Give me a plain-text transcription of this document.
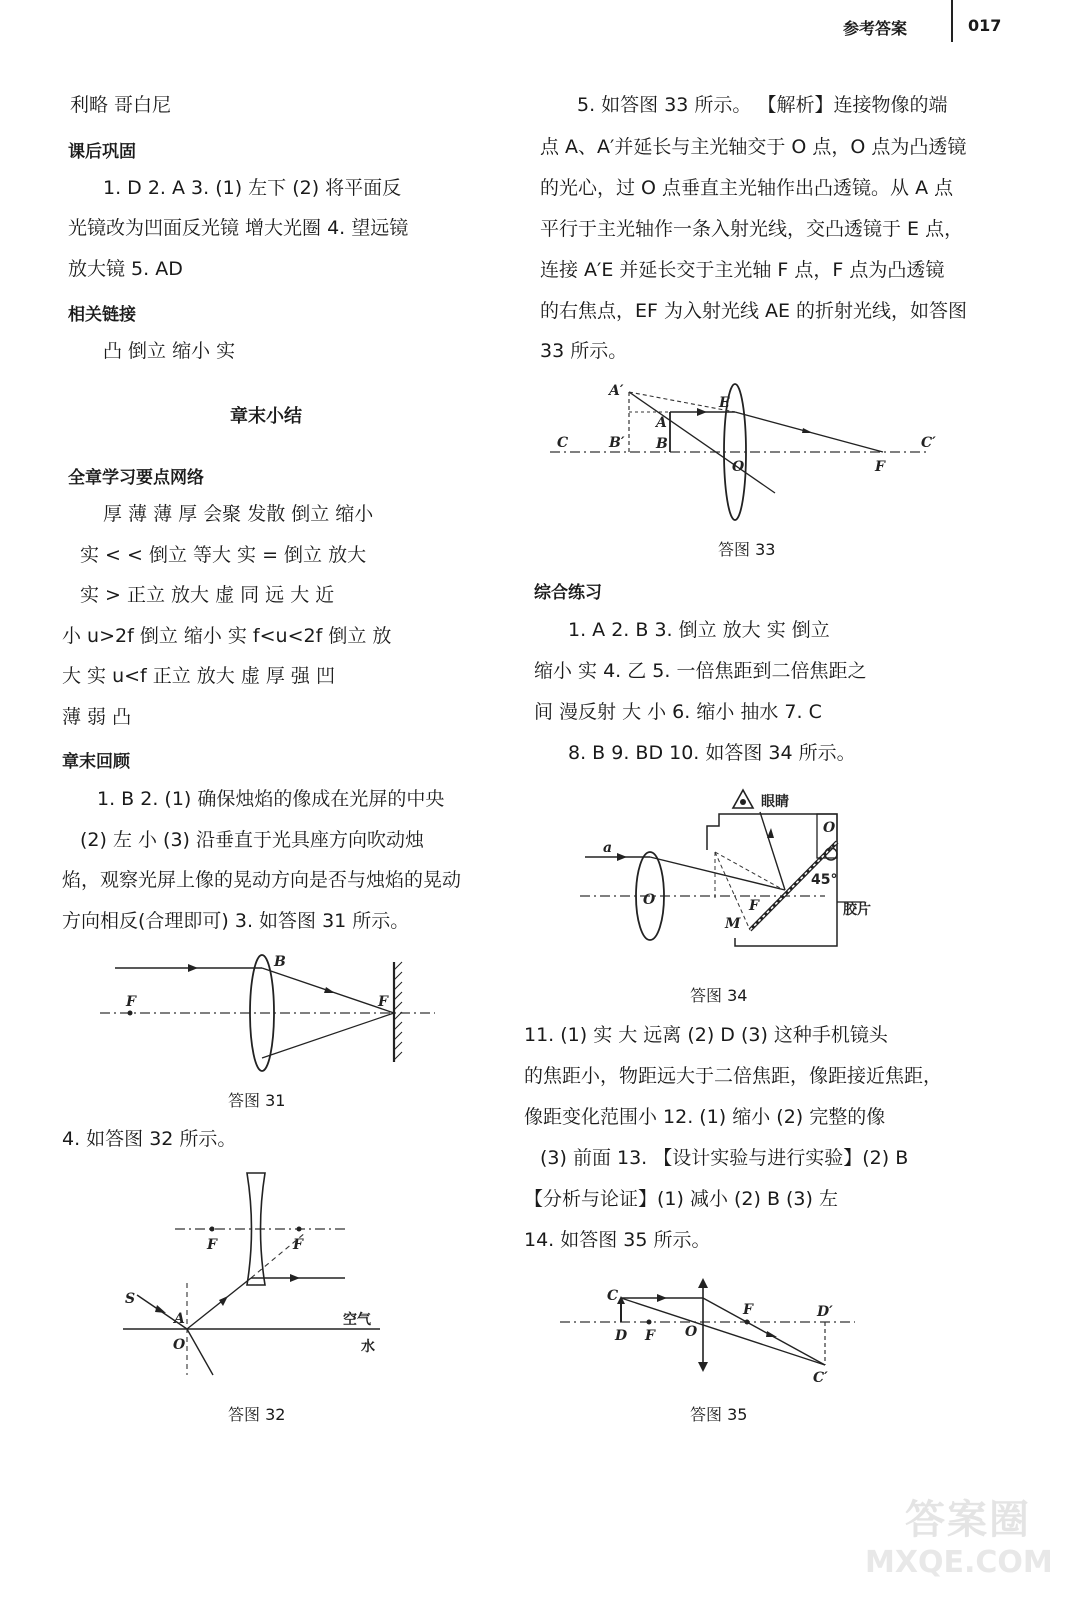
参考答案	017
利略 哥白尼
课后巩固
1. D 2. A 3. (1) 左下 (2) 将平面反
光镜改为凹面反光镜 增大光圈 4. 望远镜
放大镜 5. AD
相关链接
凸 倒立 缩小 实
章末小结
全章学习要点网络
厚 薄 薄 厚 会聚 发散 倒立 缩小
实 < < 倒立 等大 实 = 倒立 放大
实 > 正立 放大 虚 同 远 大 近
小 u>2f 倒立 缩小 实 f<u<2f 倒立 放
大 实 u<f 正立 放大 虚 厚 强 凹
薄 弱 凸
章末回顾
1. B 2. (1) 确保烛焰的像成在光屏的中央
(2) 左 小 (3) 沿垂直于光具座方向吹动烛
焰，观察光屏上像的晃动方向是否与烛焰的晃动
方向相反(合理即可) 3. 如答图 31 所示。
F
B
F
答图 31
4. 如答图 32 所示。
F	F
S
A
O
空气
水
答图 32
5. 如答图 33 所示。 【解析】连接物像的端
点 A、A′并延长与主光轴交于 O 点，O 点为凸透镜
的光心，过 O 点垂直主光轴作出凸透镜。从 A 点
平行于主光轴作一条入射光线，交凸透镜于 E 点，
连接 A′E 并延长交于主光轴 F 点，F 点为凸透镜
的右焦点，EF 为入射光线 AE 的折射光线，如答图
33 所示。
A′
A
B′ B
C	C′
E
O	F
答图 33
综合练习
1. A 2. B 3. 倒立 放大 实 倒立
缩小 实 4. 乙 5. 一倍焦距到二倍焦距之
间 漫反射 大 小 6. 缩小 抽水 7. C
8. B 9. BD 10. 如答图 34 所示。
眼睛
a
O
O
F
M
45°
胶片
答图 34
11. (1) 实 大 远离 (2) D (3) 这种手机镜头
的焦距小，物距远大于二倍焦距，像距接近焦距，
像距变化范围小 12. (1) 缩小 (2) 完整的像
(3) 前面 13. 【设计实验与进行实验】(2) B
【分析与论证】(1) 减小 (2) B (3) 左
14. 如答图 35 所示。
C
D F O
F	D′
C′
答图 35
答案圈
MXQE.COM
